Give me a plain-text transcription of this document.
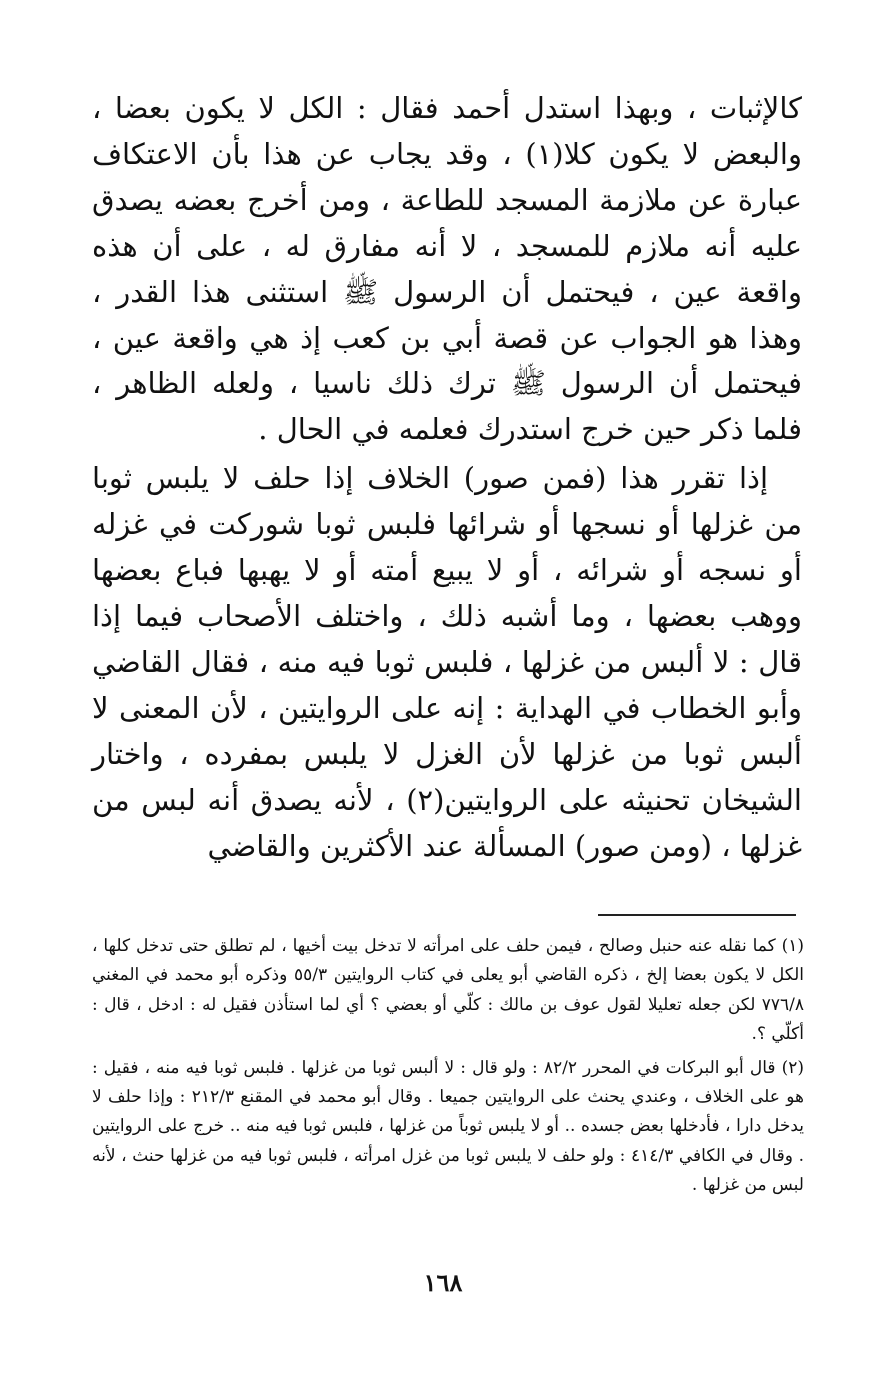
كالإثبات ، وبهذا استدل أحمد فقال : الكل لا يكون بعضا ، والبعض لا يكون كلا(١) ، وقد يجاب عن هذا بأن الاعتكاف عبارة عن ملازمة المسجد للطاعة ، ومن أخرج بعضه يصدق عليه أنه ملازم للمسجد ، لا أنه مفارق له ، على أن هذه واقعة عين ، فيحتمل أن الرسول ﷺ استثنى هذا القدر ، وهذا هو الجواب عن قصة أبي بن كعب إذ هي واقعة عين ، فيحتمل أن الرسول ﷺ ترك ذلك ناسيا ، ولعله الظاهر ، فلما ذكر حين خرج استدرك فعلمه في الحال .

إذا تقرر هذا (فمن صور) الخلاف إذا حلف لا يلبس ثوبا من غزلها أو نسجها أو شرائها فلبس ثوبا شوركت في غزله أو نسجه أو شرائه ، أو لا يبيع أمته أو لا يهبها فباع بعضها ووهب بعضها ، وما أشبه ذلك ، واختلف الأصحاب فيما إذا قال : لا ألبس من غزلها ، فلبس ثوبا فيه منه ، فقال القاضي وأبو الخطاب في الهداية : إنه على الروايتين ، لأن المعنى لا ألبس ثوبا من غزلها لأن الغزل لا يلبس بمفرده ، واختار الشيخان تحنيثه على الروايتين(٢) ، لأنه يصدق أنه لبس من غزلها ، (ومن صور) المسألة عند الأكثرين والقاضي

(١) كما نقله عنه حنبل وصالح ، فيمن حلف على امرأته لا تدخل بيت أخيها ، لم تطلق حتى تدخل كلها ، الكل لا يكون بعضا إلخ ، ذكره القاضي أبو يعلى في كتاب الروايتين ٥٥/٣ وذكره أبو محمد في المغني ٧٧٦/٨ لكن جعله تعليلا لقول عوف بن مالك : كلّي أو بعضي ؟ أي لما استأذن فقيل له : ادخل ، قال : أكلّي ؟.

(٢) قال أبو البركات في المحرر ٨٢/٢ : ولو قال : لا ألبس ثوبا من غزلها . فلبس ثوبا فيه منه ، فقيل : هو على الخلاف ، وعندي يحنث على الروايتين جميعا . وقال أبو محمد في المقنع ٢١٢/٣ : وإذا حلف لا يدخل دارا ، فأدخلها بعض جسده .. أو لا يلبس ثوباً من غزلها ، فلبس ثوبا فيه منه .. خرج على الروايتين . وقال في الكافي ٤١٤/٣ : ولو حلف لا يلبس ثوبا من غزل امرأته ، فلبس ثوبا فيه من غزلها حنث ، لأنه لبس من غزلها .

١٦٨
